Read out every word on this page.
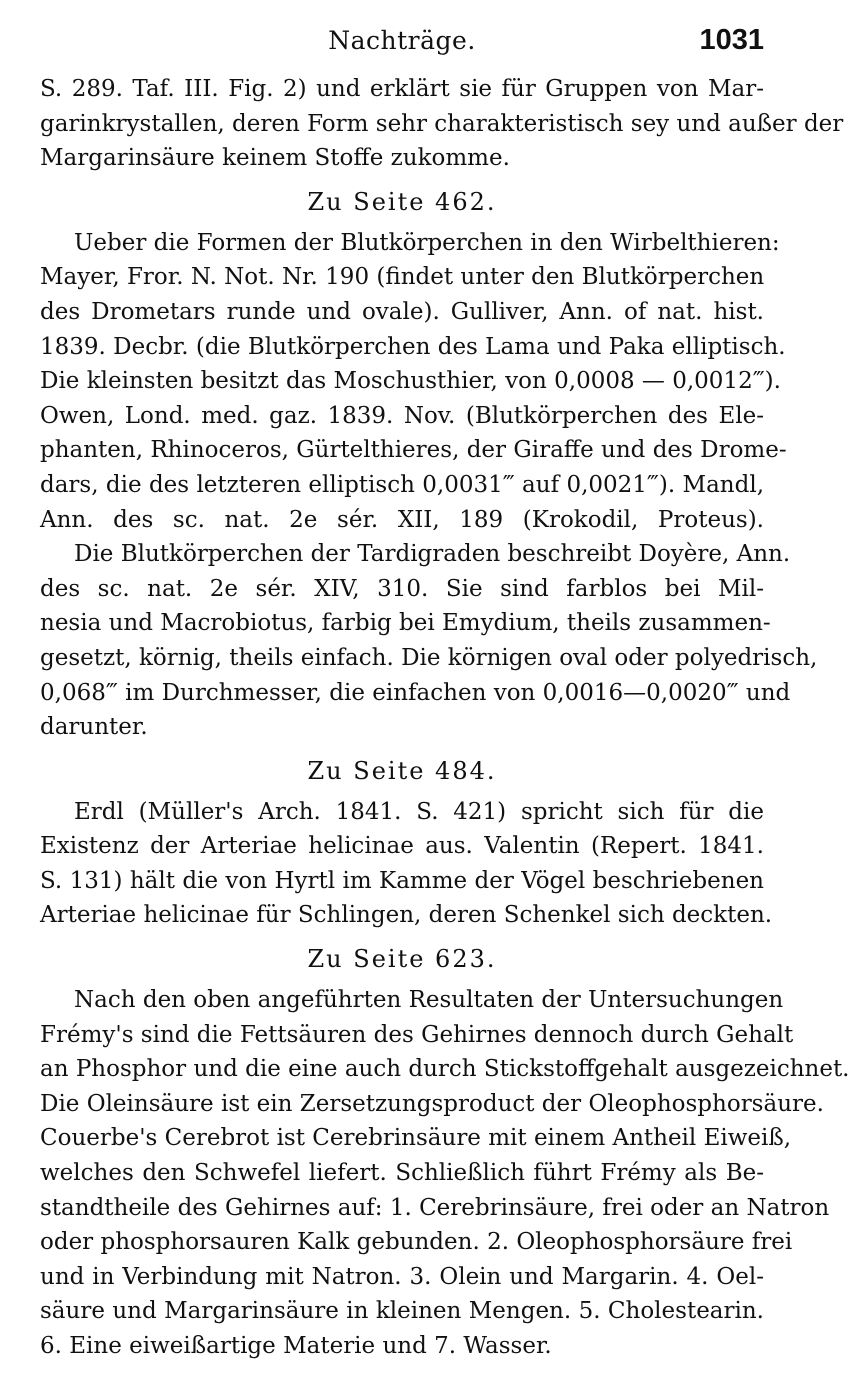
Nachträge.	1031

S. 289. Taf. III. Fig. 2) und erklärt sie für Gruppen von Mar-
garinkrystallen, deren Form sehr charakteristisch sey und außer der
Margarinsäure keinem Stoffe zukomme.

Zu Seite 462.

Ueber die Formen der Blutkörperchen in den Wirbelthieren:
Mayer, Fror. N. Not. Nr. 190 (findet unter den Blutkörperchen
des Drometars runde und ovale). Gulliver, Ann. of nat. hist.
1839. Decbr. (die Blutkörperchen des Lama und Paka elliptisch.
Die kleinsten besitzt das Moschusthier, von 0,0008 — 0,0012‴).
Owen, Lond. med. gaz. 1839. Nov. (Blutkörperchen des Ele-
phanten, Rhinoceros, Gürtelthieres, der Giraffe und des Drome-
dars, die des letzteren elliptisch 0,0031‴ auf 0,0021‴). Mandl,
Ann. des sc. nat. 2e sér. XII, 189 (Krokodil, Proteus).
Die Blutkörperchen der Tardigraden beschreibt Doyère, Ann.
des sc. nat. 2e sér. XIV, 310. Sie sind farblos bei Mil-
nesia und Macrobiotus, farbig bei Emydium, theils zusammen-
gesetzt, körnig, theils einfach. Die körnigen oval oder polyedrisch,
0,068‴ im Durchmesser, die einfachen von 0,0016—0,0020‴ und
darunter.

Zu Seite 484.

Erdl (Müller's Arch. 1841. S. 421) spricht sich für die
Existenz der Arteriae helicinae aus. Valentin (Repert. 1841.
S. 131) hält die von Hyrtl im Kamme der Vögel beschriebenen
Arteriae helicinae für Schlingen, deren Schenkel sich deckten.

Zu Seite 623.

Nach den oben angeführten Resultaten der Untersuchungen
Frémy's sind die Fettsäuren des Gehirnes dennoch durch Gehalt
an Phosphor und die eine auch durch Stickstoffgehalt ausgezeichnet.
Die Oleinsäure ist ein Zersetzungsproduct der Oleophosphorsäure.
Couerbe's Cerebrot ist Cerebrinsäure mit einem Antheil Eiweiß,
welches den Schwefel liefert. Schließlich führt Frémy als Be-
standtheile des Gehirnes auf: 1. Cerebrinsäure, frei oder an Natron
oder phosphorsauren Kalk gebunden. 2. Oleophosphorsäure frei
und in Verbindung mit Natron. 3. Olein und Margarin. 4. Oel-
säure und Margarinsäure in kleinen Mengen. 5. Cholestearin.
6. Eine eiweißartige Materie und 7. Wasser.
